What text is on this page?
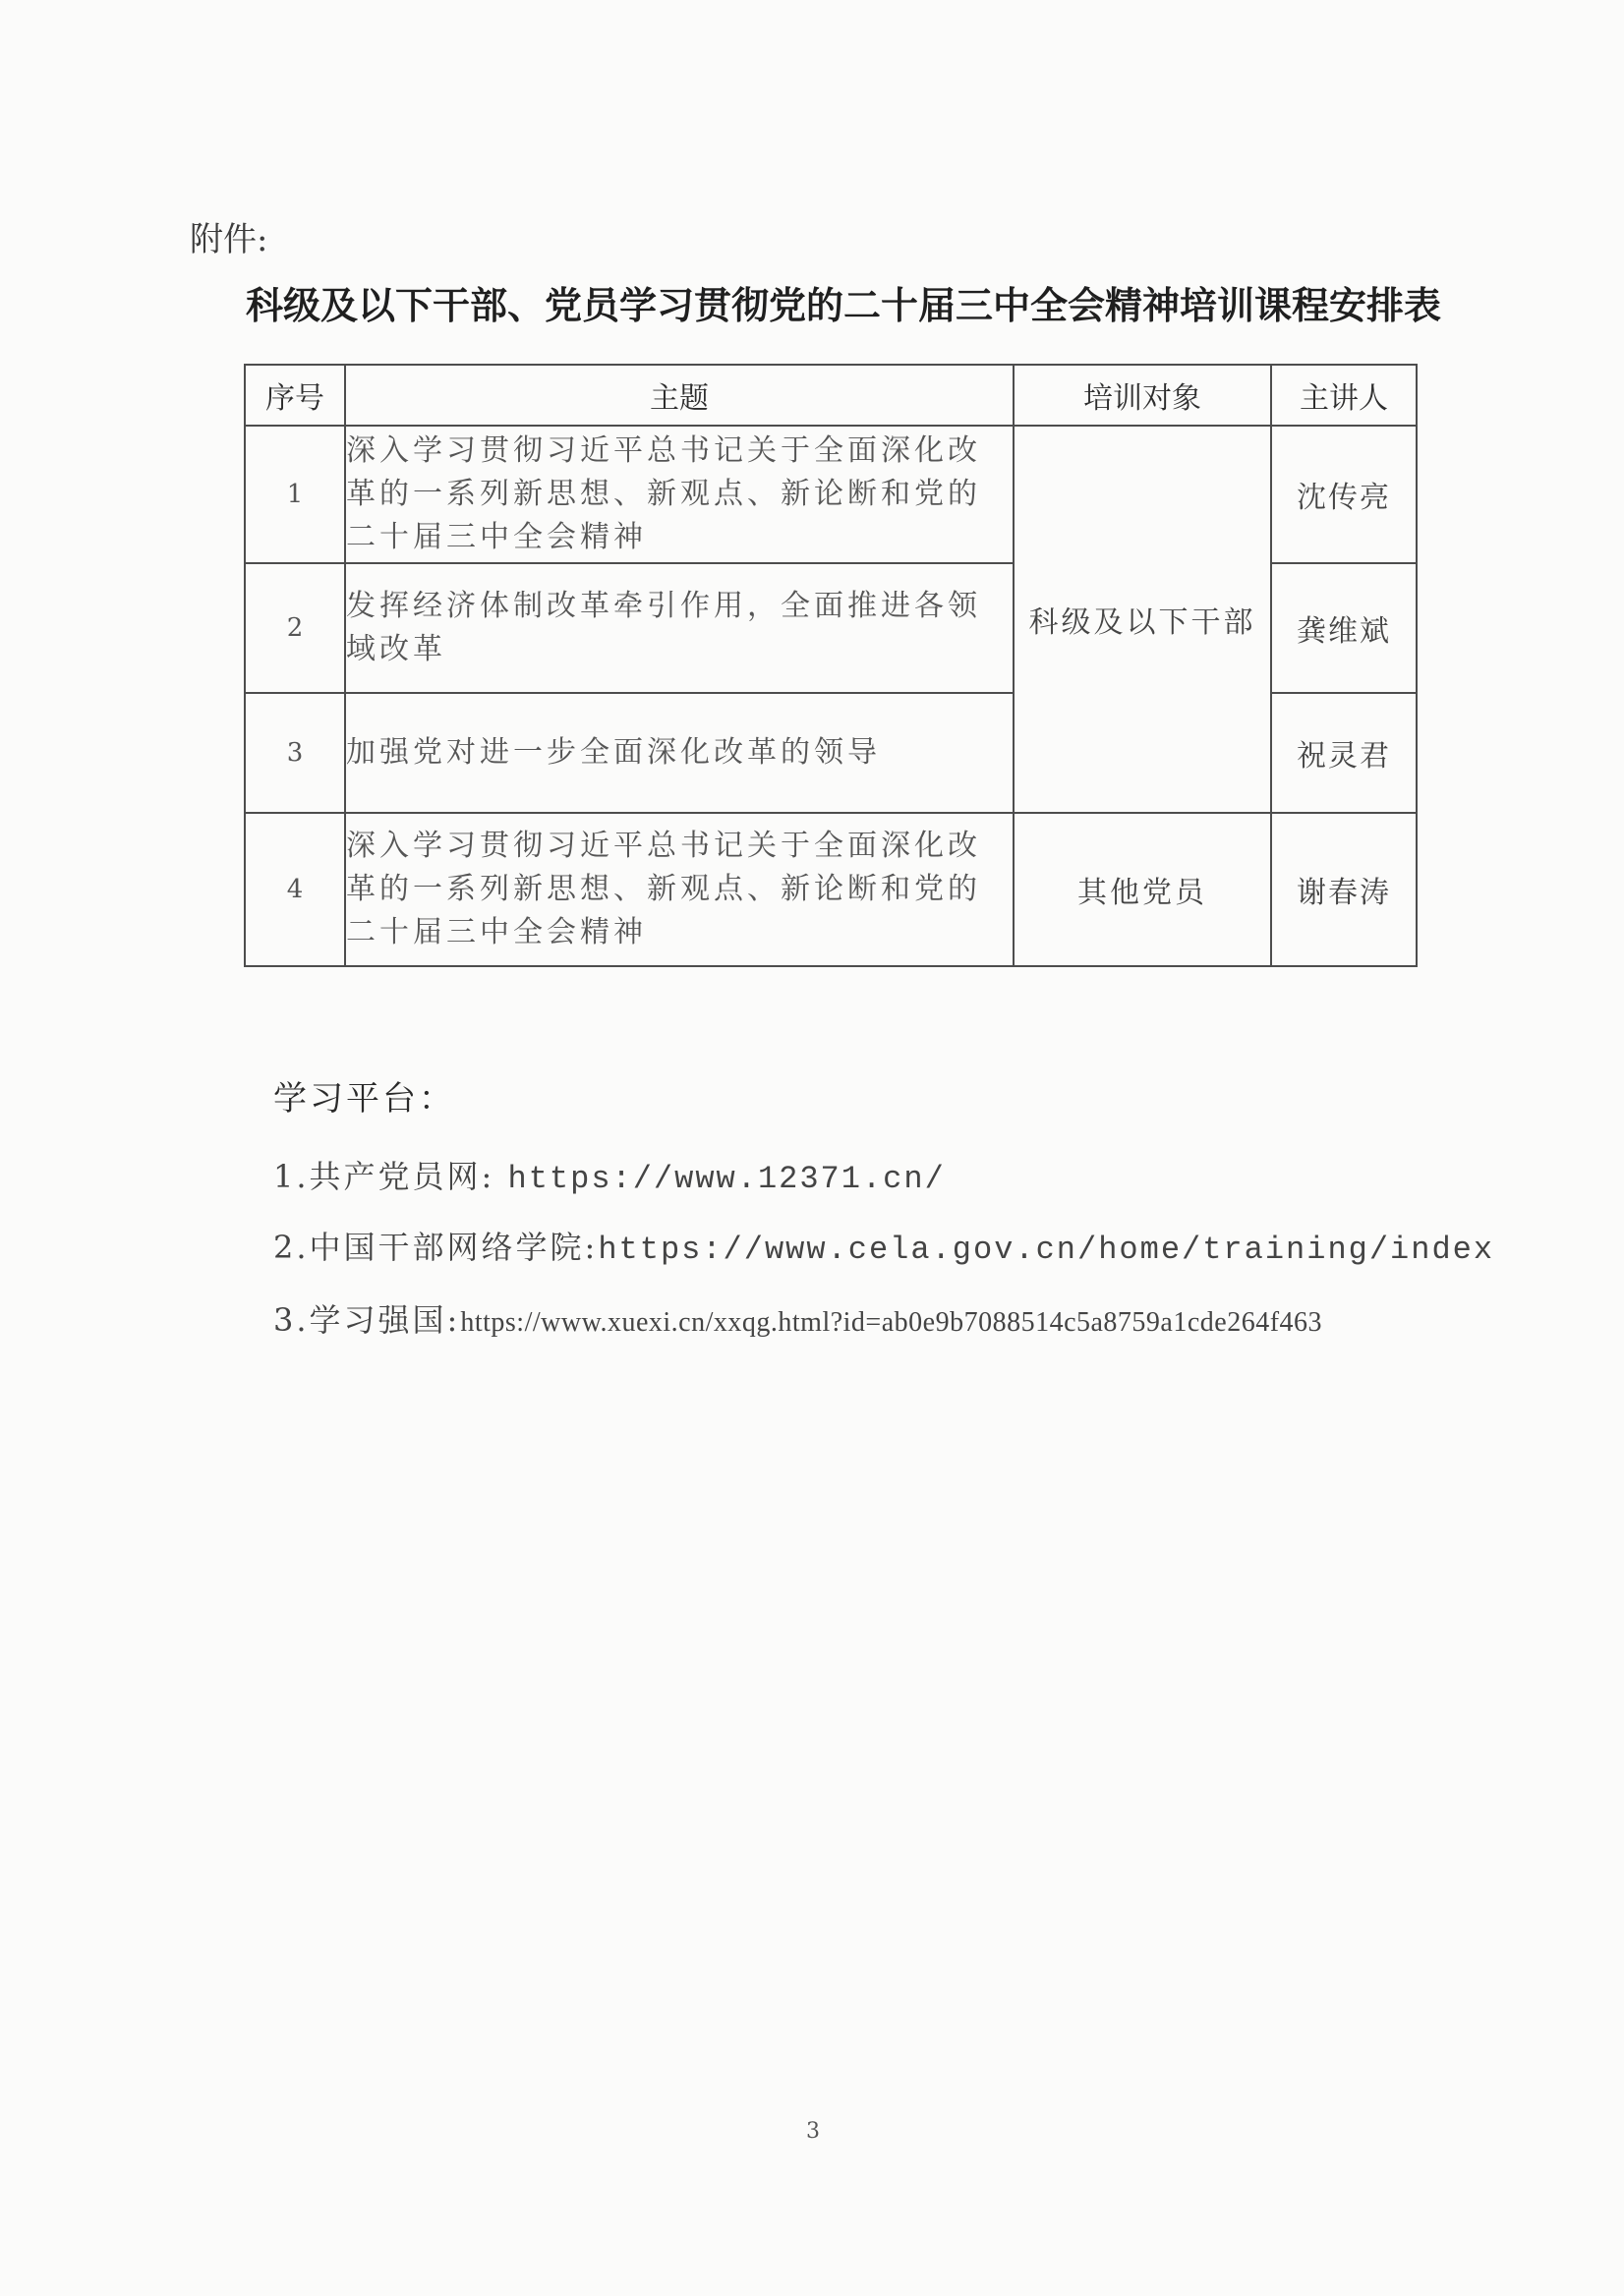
附件:
科级及以下干部、党员学习贯彻党的二十届三中全会精神培训课程安排表
序号	主题	培训对象	主讲人
1	深入学习贯彻习近平总书记关于全面深化改革的一系列新思想、新观点、新论断和党的二十届三中全会精神	科级及以下干部	沈传亮
2	发挥经济体制改革牵引作用，全面推进各领域改革		龚维斌
3	加强党对进一步全面深化改革的领导		祝灵君
4	深入学习贯彻习近平总书记关于全面深化改革的一系列新思想、新观点、新论断和党的二十届三中全会精神	其他党员	谢春涛
学习平台：
1.共产党员网: https://www.12371.cn/
2.中国干部网络学院:https://www.cela.gov.cn/home/training/index
3.学习强国:https://www.xuexi.cn/xxqg.html?id=ab0e9b7088514c5a8759a1cde264f463
3
